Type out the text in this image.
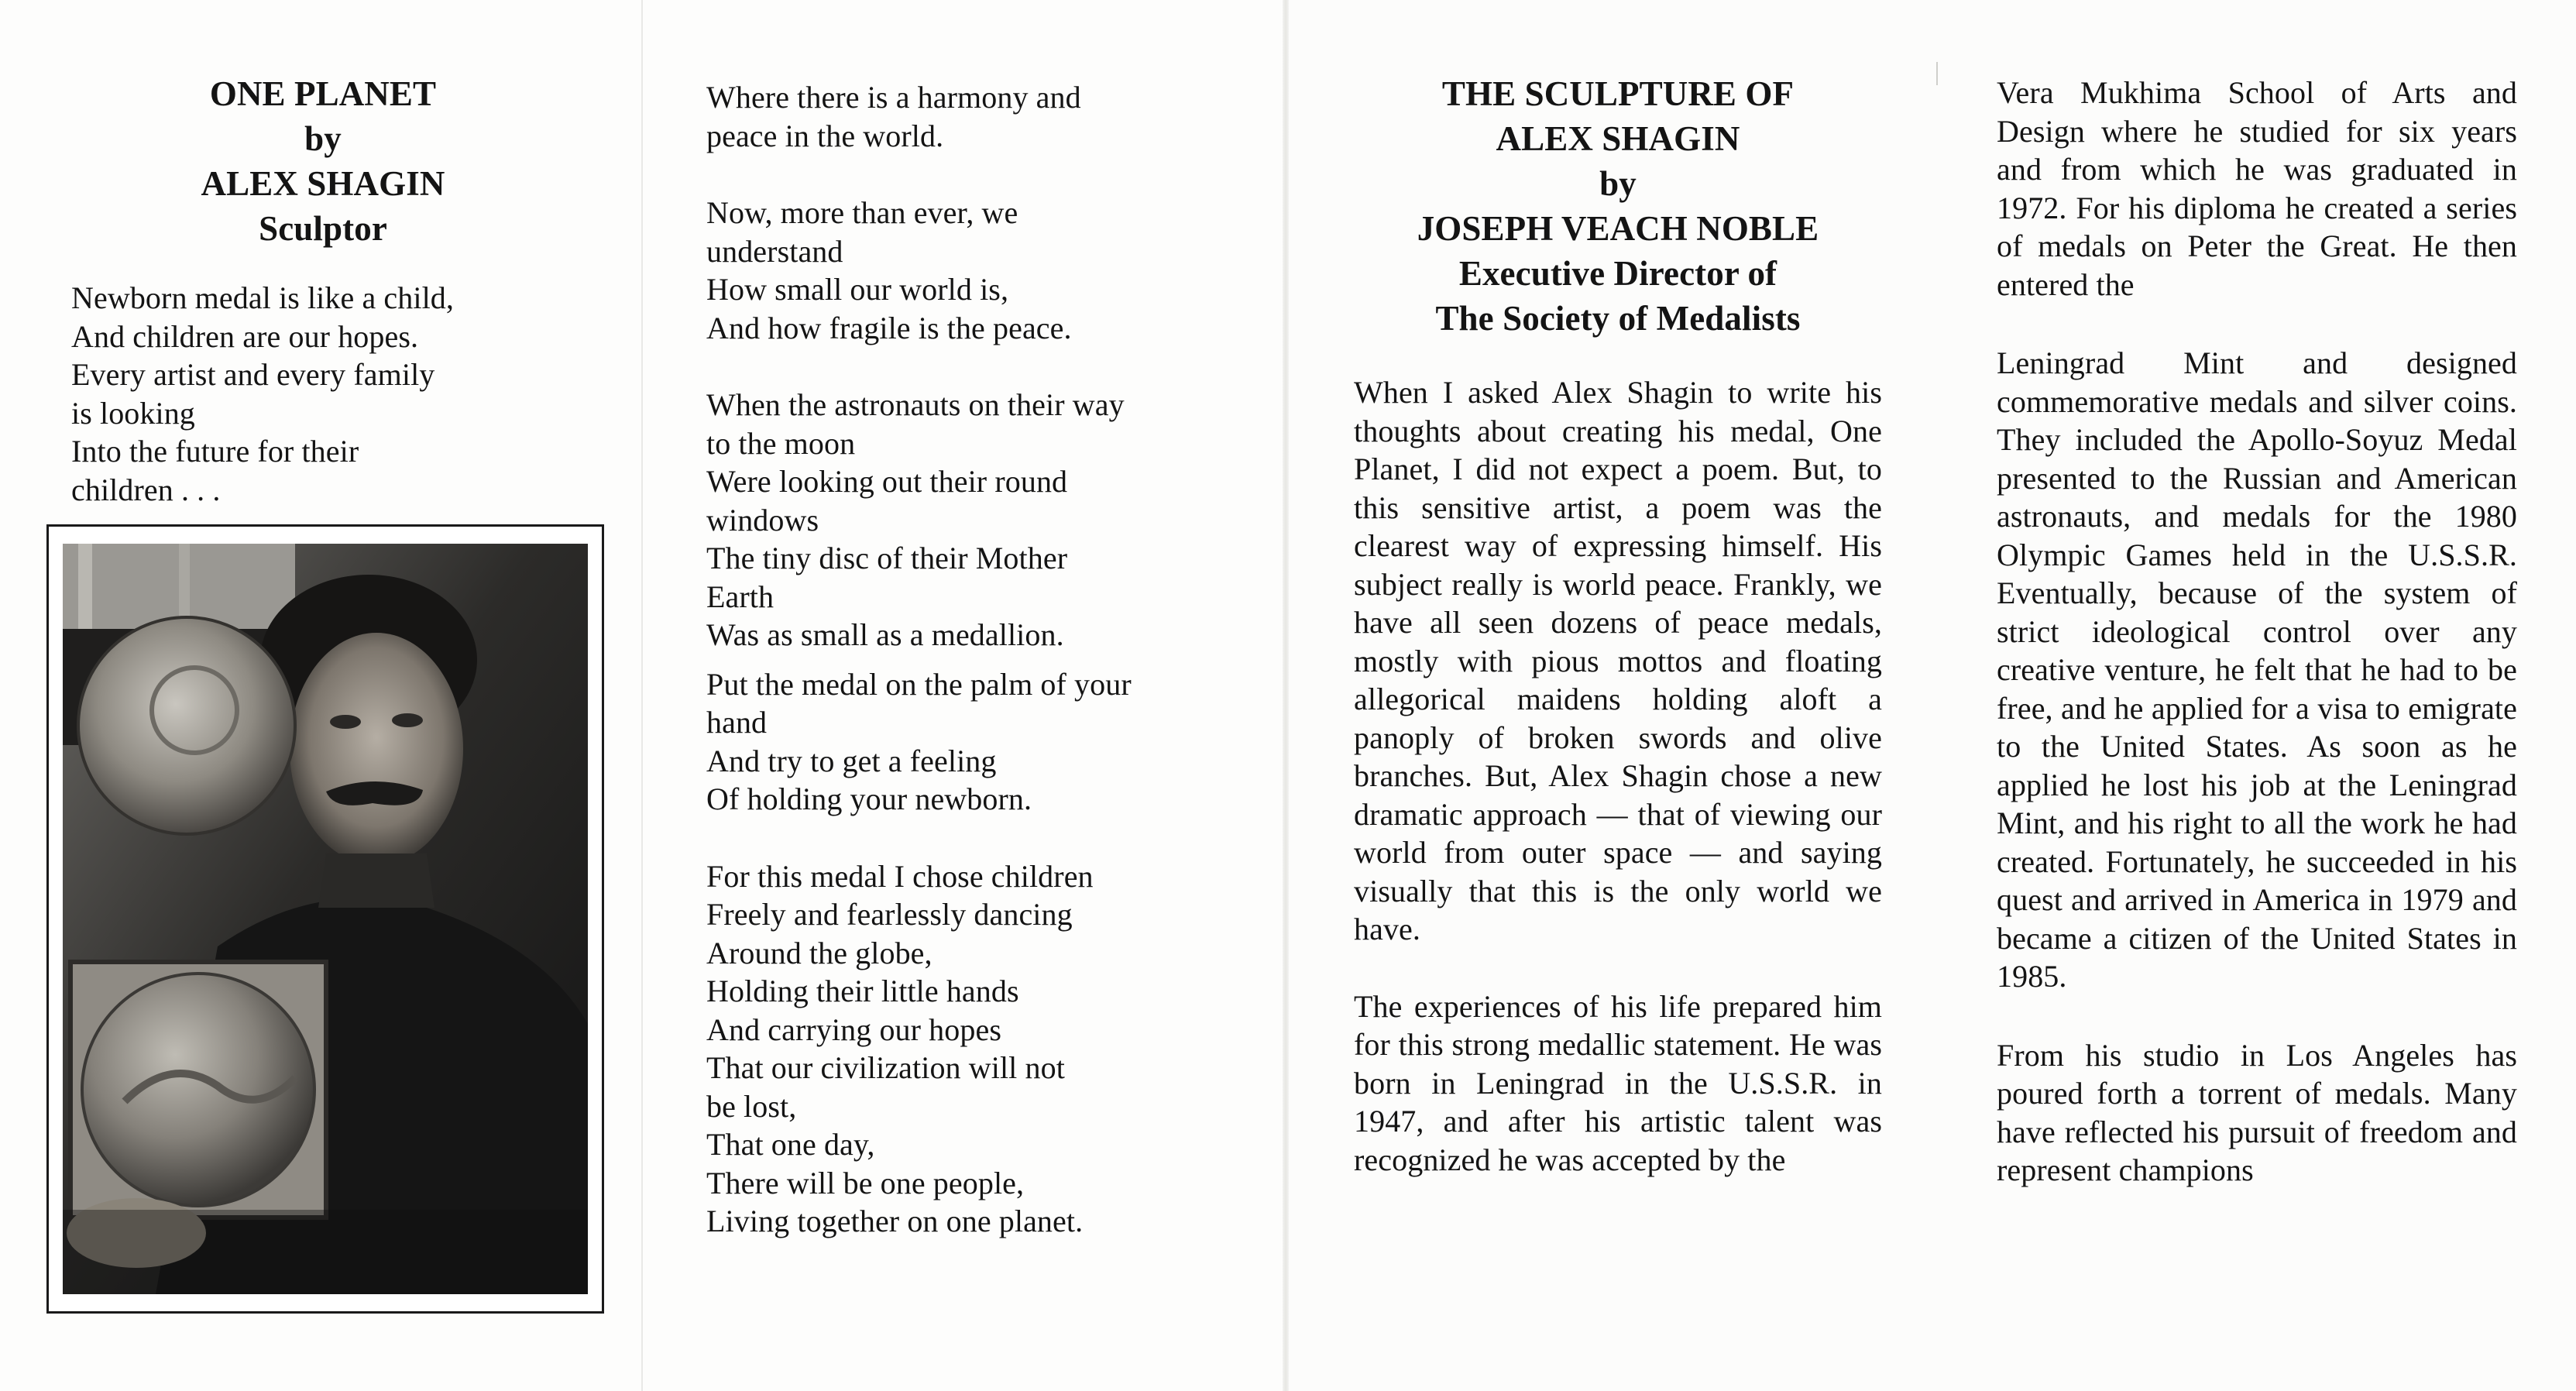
ONE PLANET
by
ALEX SHAGIN
Sculptor
Newborn medal is like a child,
And children are our hopes.
Every artist and every family
is looking
Into the future for their
children . . .
Where there is a harmony and
peace in the world.
Now, more than ever, we
understand
How small our world is,
And how fragile is the peace.
When the astronauts on their way
to the moon
Were looking out their round
windows
The tiny disc of their Mother
Earth
Was as small as a medallion.
Put the medal on the palm of your
hand
And try to get a feeling
Of holding your newborn.
For this medal I chose children
Freely and fearlessly dancing
Around the globe,
Holding their little hands
And carrying our hopes
That our civilization will not
be lost,
That one day,
There will be one people,
Living together on one planet.
THE SCULPTURE OF
ALEX SHAGIN
by
JOSEPH VEACH NOBLE
Executive Director of
The Society of Medalists

When I asked Alex Shagin to write his thoughts about creating his medal, One Planet, I did not expect a poem. But, to this sensitive artist, a poem was the clearest way of expressing himself. His subject really is world peace. Frankly, we have all seen dozens of peace medals, mostly with pious mottos and floating allegorical maidens holding aloft a panoply of broken swords and olive branches. But, Alex Shagin chose a new dramatic approach — that of viewing our world from outer space — and saying visually that this is the only world we have.

The experiences of his life prepared him for this strong medallic statement. He was born in Leningrad in the U.S.S.R. in 1947, and after his artistic talent was recognized he was accepted by the

Vera Mukhima School of Arts and Design where he studied for six years and from which he was graduated in 1972. For his diploma he created a series of medals on Peter the Great. He then entered the

Leningrad Mint and designed commemorative medals and silver coins. They included the Apollo-Soyuz Medal presented to the Russian and American astronauts, and medals for the 1980 Olympic Games held in the U.S.S.R. Eventually, because of the system of strict ideological control over any creative venture, he felt that he had to be free, and he applied for a visa to emigrate to the United States. As soon as he applied he lost his job at the Leningrad Mint, and his right to all the work he had created. Fortunately, he succeeded in his quest and arrived in America in 1979 and became a citizen of the United States in 1985.

From his studio in Los Angeles has poured forth a torrent of medals. Many have reflected his pursuit of freedom and represent champions
